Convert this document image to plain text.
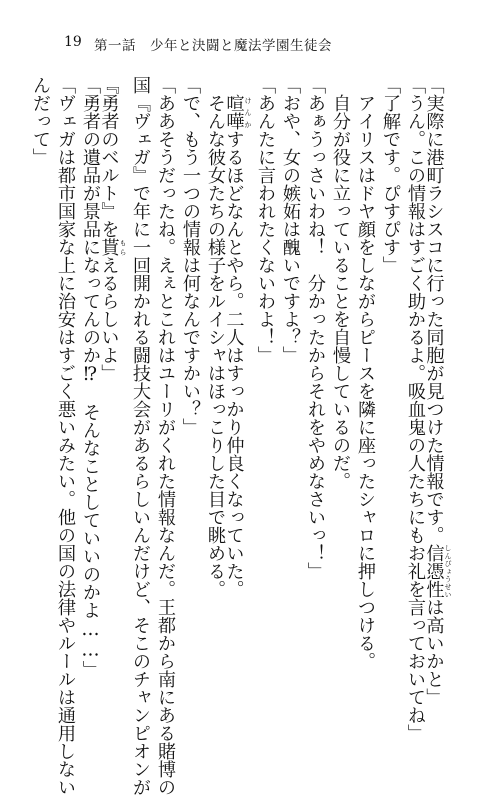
19 第一話　少年と決闘と魔法学園生徒会
「実際に港町ラシスコに行った同胞が見つけた情報です。信憑性 しんぴょうせいは高いかと」
「うん。この情報はすごく助かるよ。吸血鬼の人たちにもお礼を言っておいてね」
「了解です。ぴすぴす」
　アイリスはドヤ顔をしながらピースを隣に座ったシャロに押しつける。
　自分が役に立っていることを自慢しているのだ。
「あぁうっさいわね！　分かったからそれをやめなさいっ！」
「おや、女の嫉妬は醜いですよ？」
「あんたに言われたくないわよ！」
　喧嘩 けんかするほどなんとやら。二人はすっかり仲良くなっていた。
　そんな彼女たちの様子をルイシャはほっこりした目で眺める。
「で、もう一つの情報は何なんですかい？」
「ああそうだったね。えぇとこれはユーリがくれた情報なんだ。王都から南にある賭博の
国『ヴェガ』で年に一回開かれる闘技大会があるらしいんだけど、そこのチャンピオンが
『勇者のベルト』を貰 もらえるらしいよ」
「勇者の遺品が景品になってんのか⁉　そんなことしていいのかよ……」
「ヴェガは都市国家な上に治安はすごく悪いみたい。他の国の法律やルールは通用しない
んだって」
